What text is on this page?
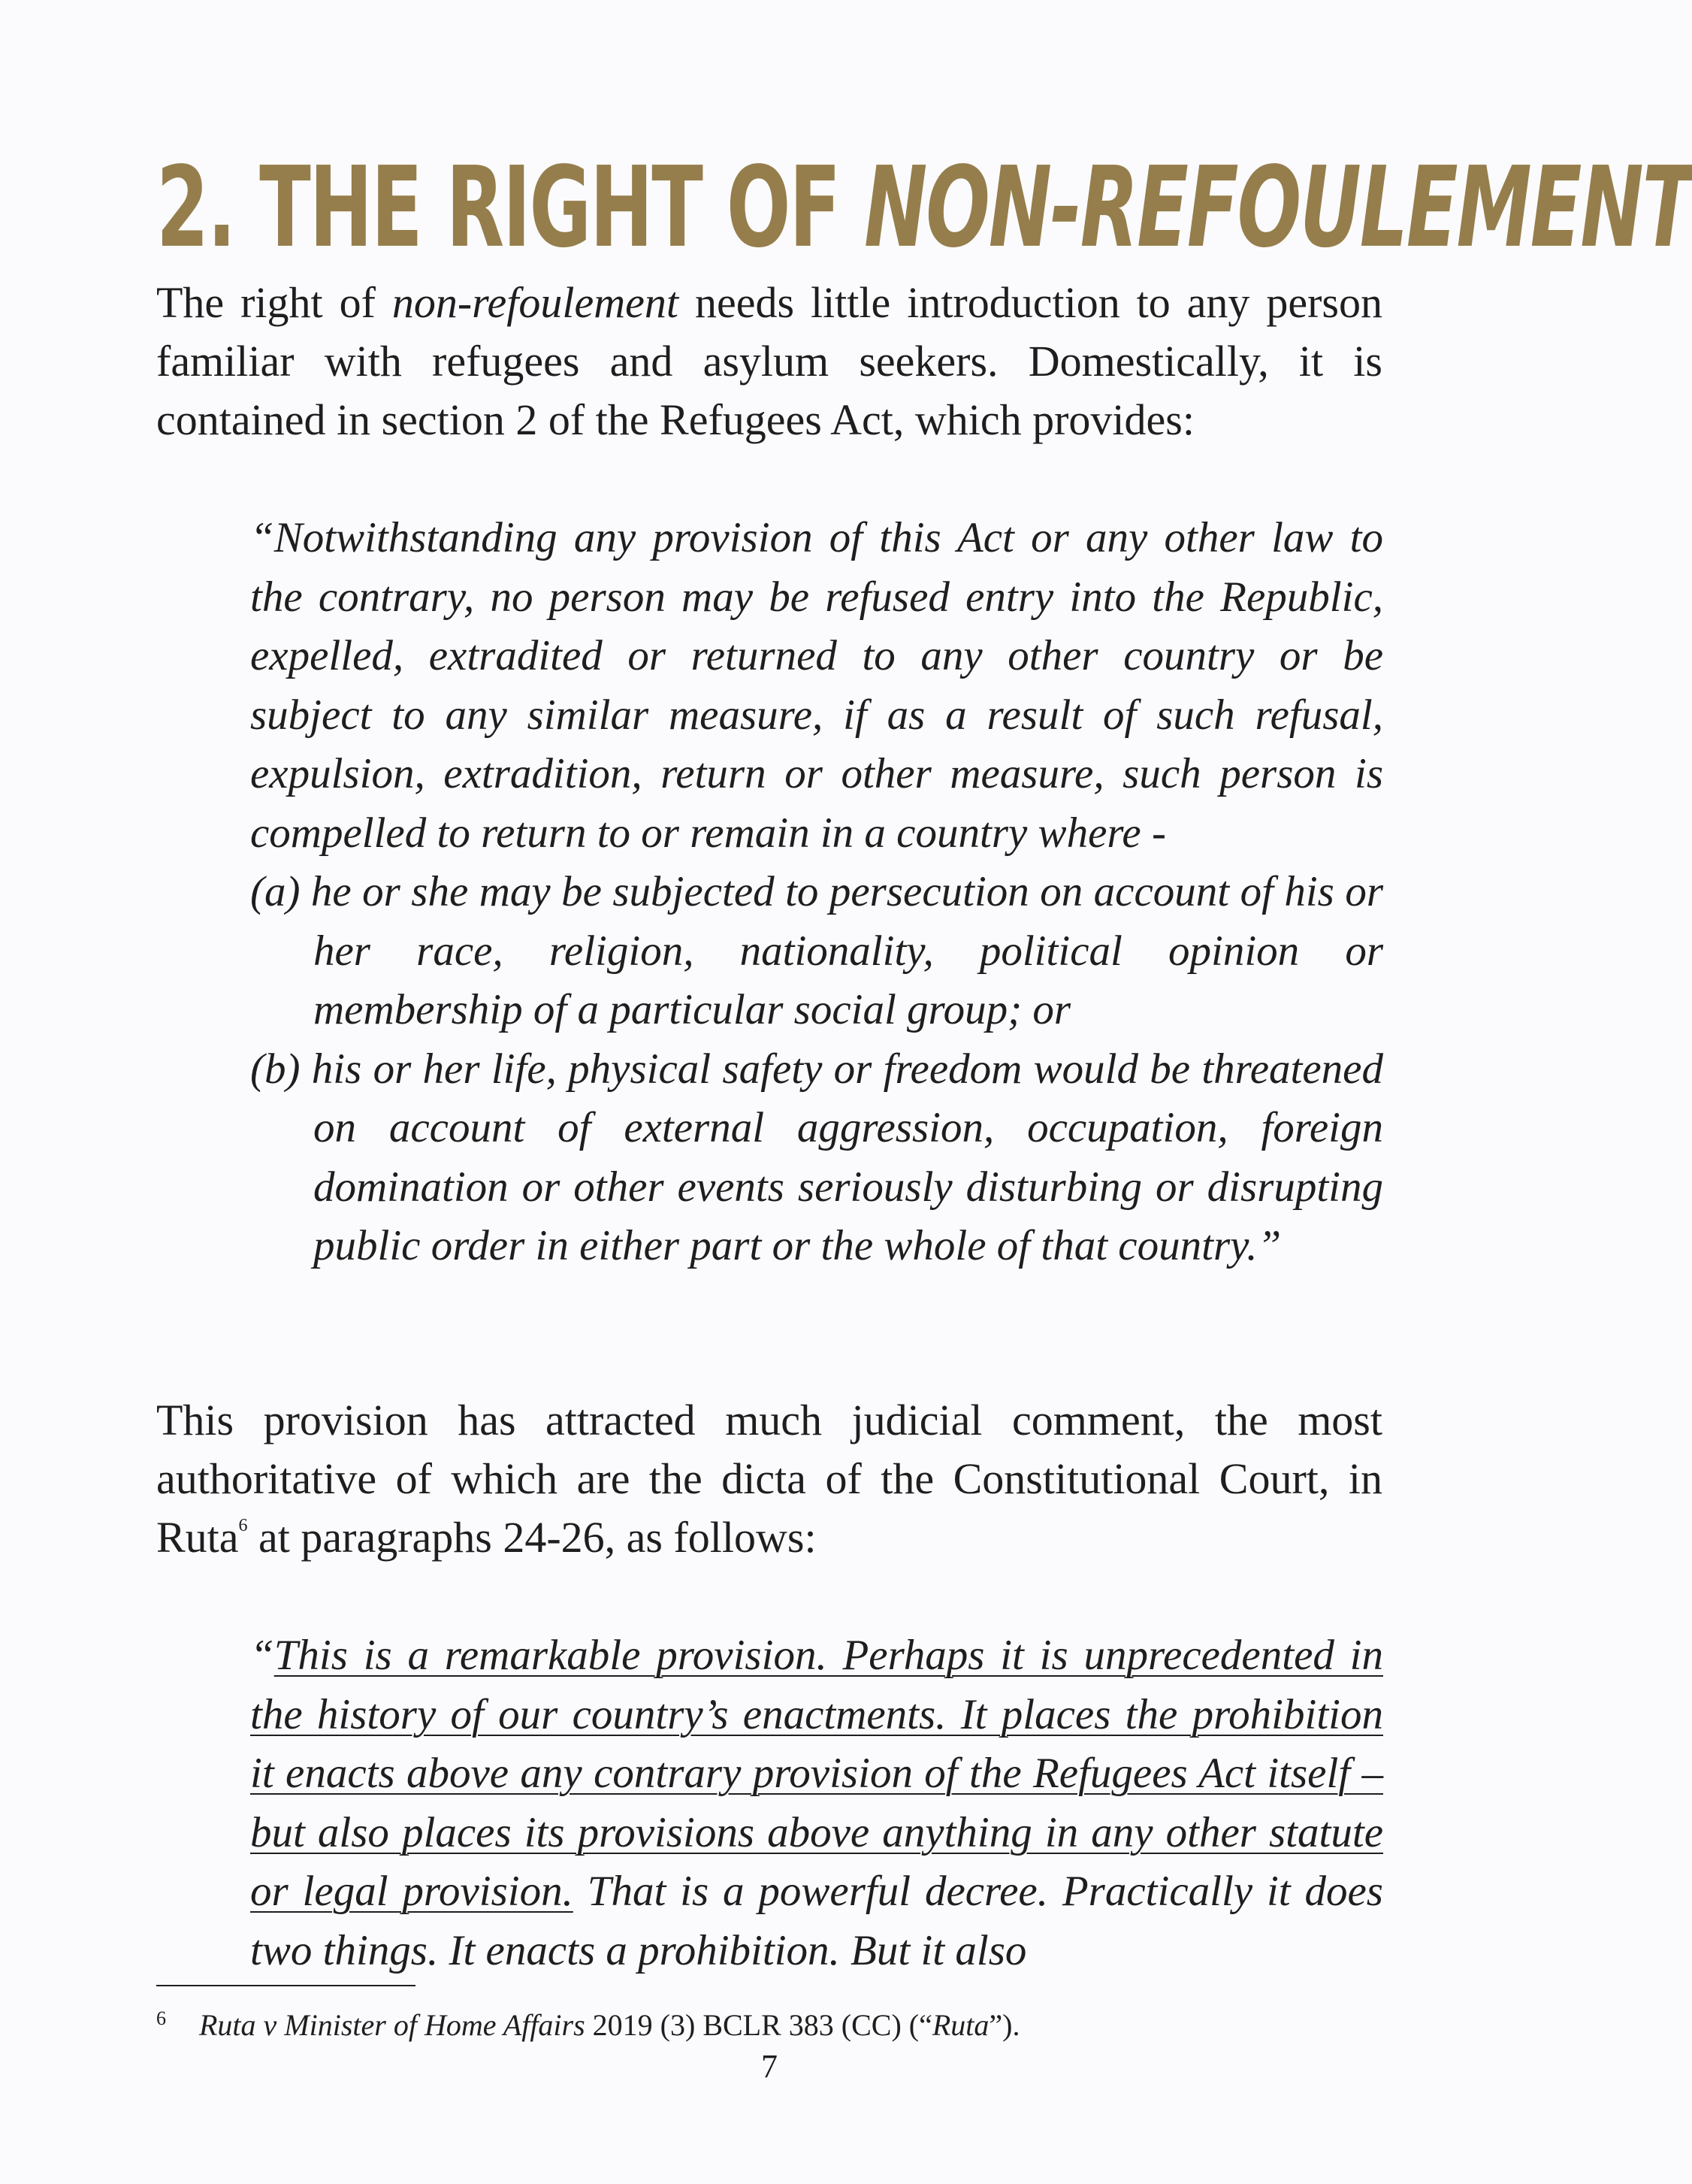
2. THE RIGHT OF NON-REFOULEMENT

The right of non-refoulement needs little introduction to any person familiar with refugees and asylum seekers. Domestically, it is contained in section 2 of the Refugees Act, which provides:

“Notwithstanding any provision of this Act or any other law to the contrary, no person may be refused entry into the Republic, expelled, extradited or returned to any other country or be subject to any similar measure, if as a result of such refusal, expulsion, extradition, return or other measure, such person is compelled to return to or remain in a country where -
(a) he or she may be subjected to persecution on account of his or her race, religion, nationality, political opinion or membership of a particular social group; or
(b) his or her life, physical safety or freedom would be threatened on account of external aggression, occupation, foreign domination or other events seriously disturbing or disrupting public order in either part or the whole of that country.”

This provision has attracted much judicial comment, the most authoritative of which are the dicta of the Constitutional Court, in Ruta$^6$ at paragraphs 24-26, as follows:

“This is a remarkable provision. Perhaps it is unprecedented in the history of our country’s enactments. It places the prohibition it enacts above any contrary provision of the Refugees Act itself – but also places its provisions above anything in any other statute or legal provision. That is a powerful decree. Practically it does two things. It enacts a prohibition. But it also
$^6$ Ruta v Minister of Home Affairs 2019 (3) BCLR 383 (CC) (“Ruta”).
7
